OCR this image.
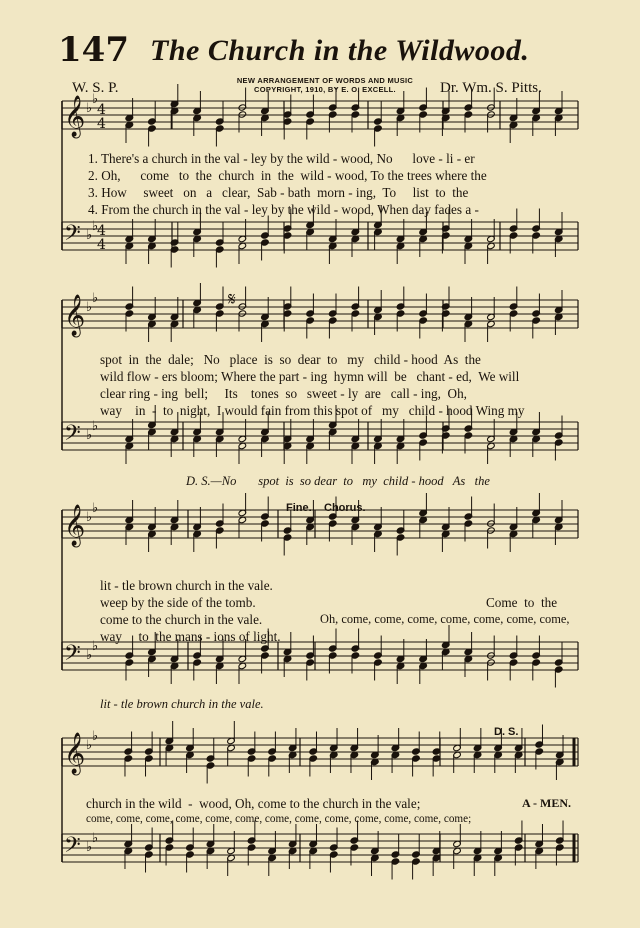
147 The Church in the Wildwood.
W. S. P.	NEW ARRANGEMENT OF WORDS AND MUSIC
COPYRIGHT, 1910, BY E. O. EXCELL.	Dr. Wm. S. Pitts.
𝄞
𝄢
♭
♭
♭
♭
4
4
4
4
𝄞
𝄢
♭
♭
♭
♭
𝄞
𝄢
♭
♭
♭
♭
𝄞
𝄢
♭
♭
♭
♭
𝄋
1. There's a church in the val - ley by the wild - wood, No      love - li - er
2. Oh,      come   to  the  church  in  the  wild - wood, To the trees where the
3. How     sweet   on   a   clear,  Sab - bath  morn - ing,  To     list  to  the
4. From the church in the val - ley by the wild - wood, When day fades a -
spot  in  the  dale;   No   place  is  so  dear  to   my   child - hood  As  the
wild flow - ers bloom; Where the part - ing  hymn will  be   chant - ed,  We will
clear ring - ing  bell;     Its    tones  so   sweet - ly  are   call - ing,  Oh,
way    in  -  to  night,  I would fain from this spot of   my   child - hood Wing my
D. S.—No       spot  is  so dear  to   my  child - hood   As   the
Fine. Chorus.
lit - tle brown church in the vale.
weep by the side of the tomb.
come to the church in the vale.
way     to  the mans - ions of light.
Come  to  the
Oh, come, come, come, come, come, come, come,
lit - tle brown church in the vale.
D. S.
church in the wild  -  wood, Oh, come to the church in the vale;	A - MEN.
come, come, come, come, come, come, come, come, come, come, come, come, come;
